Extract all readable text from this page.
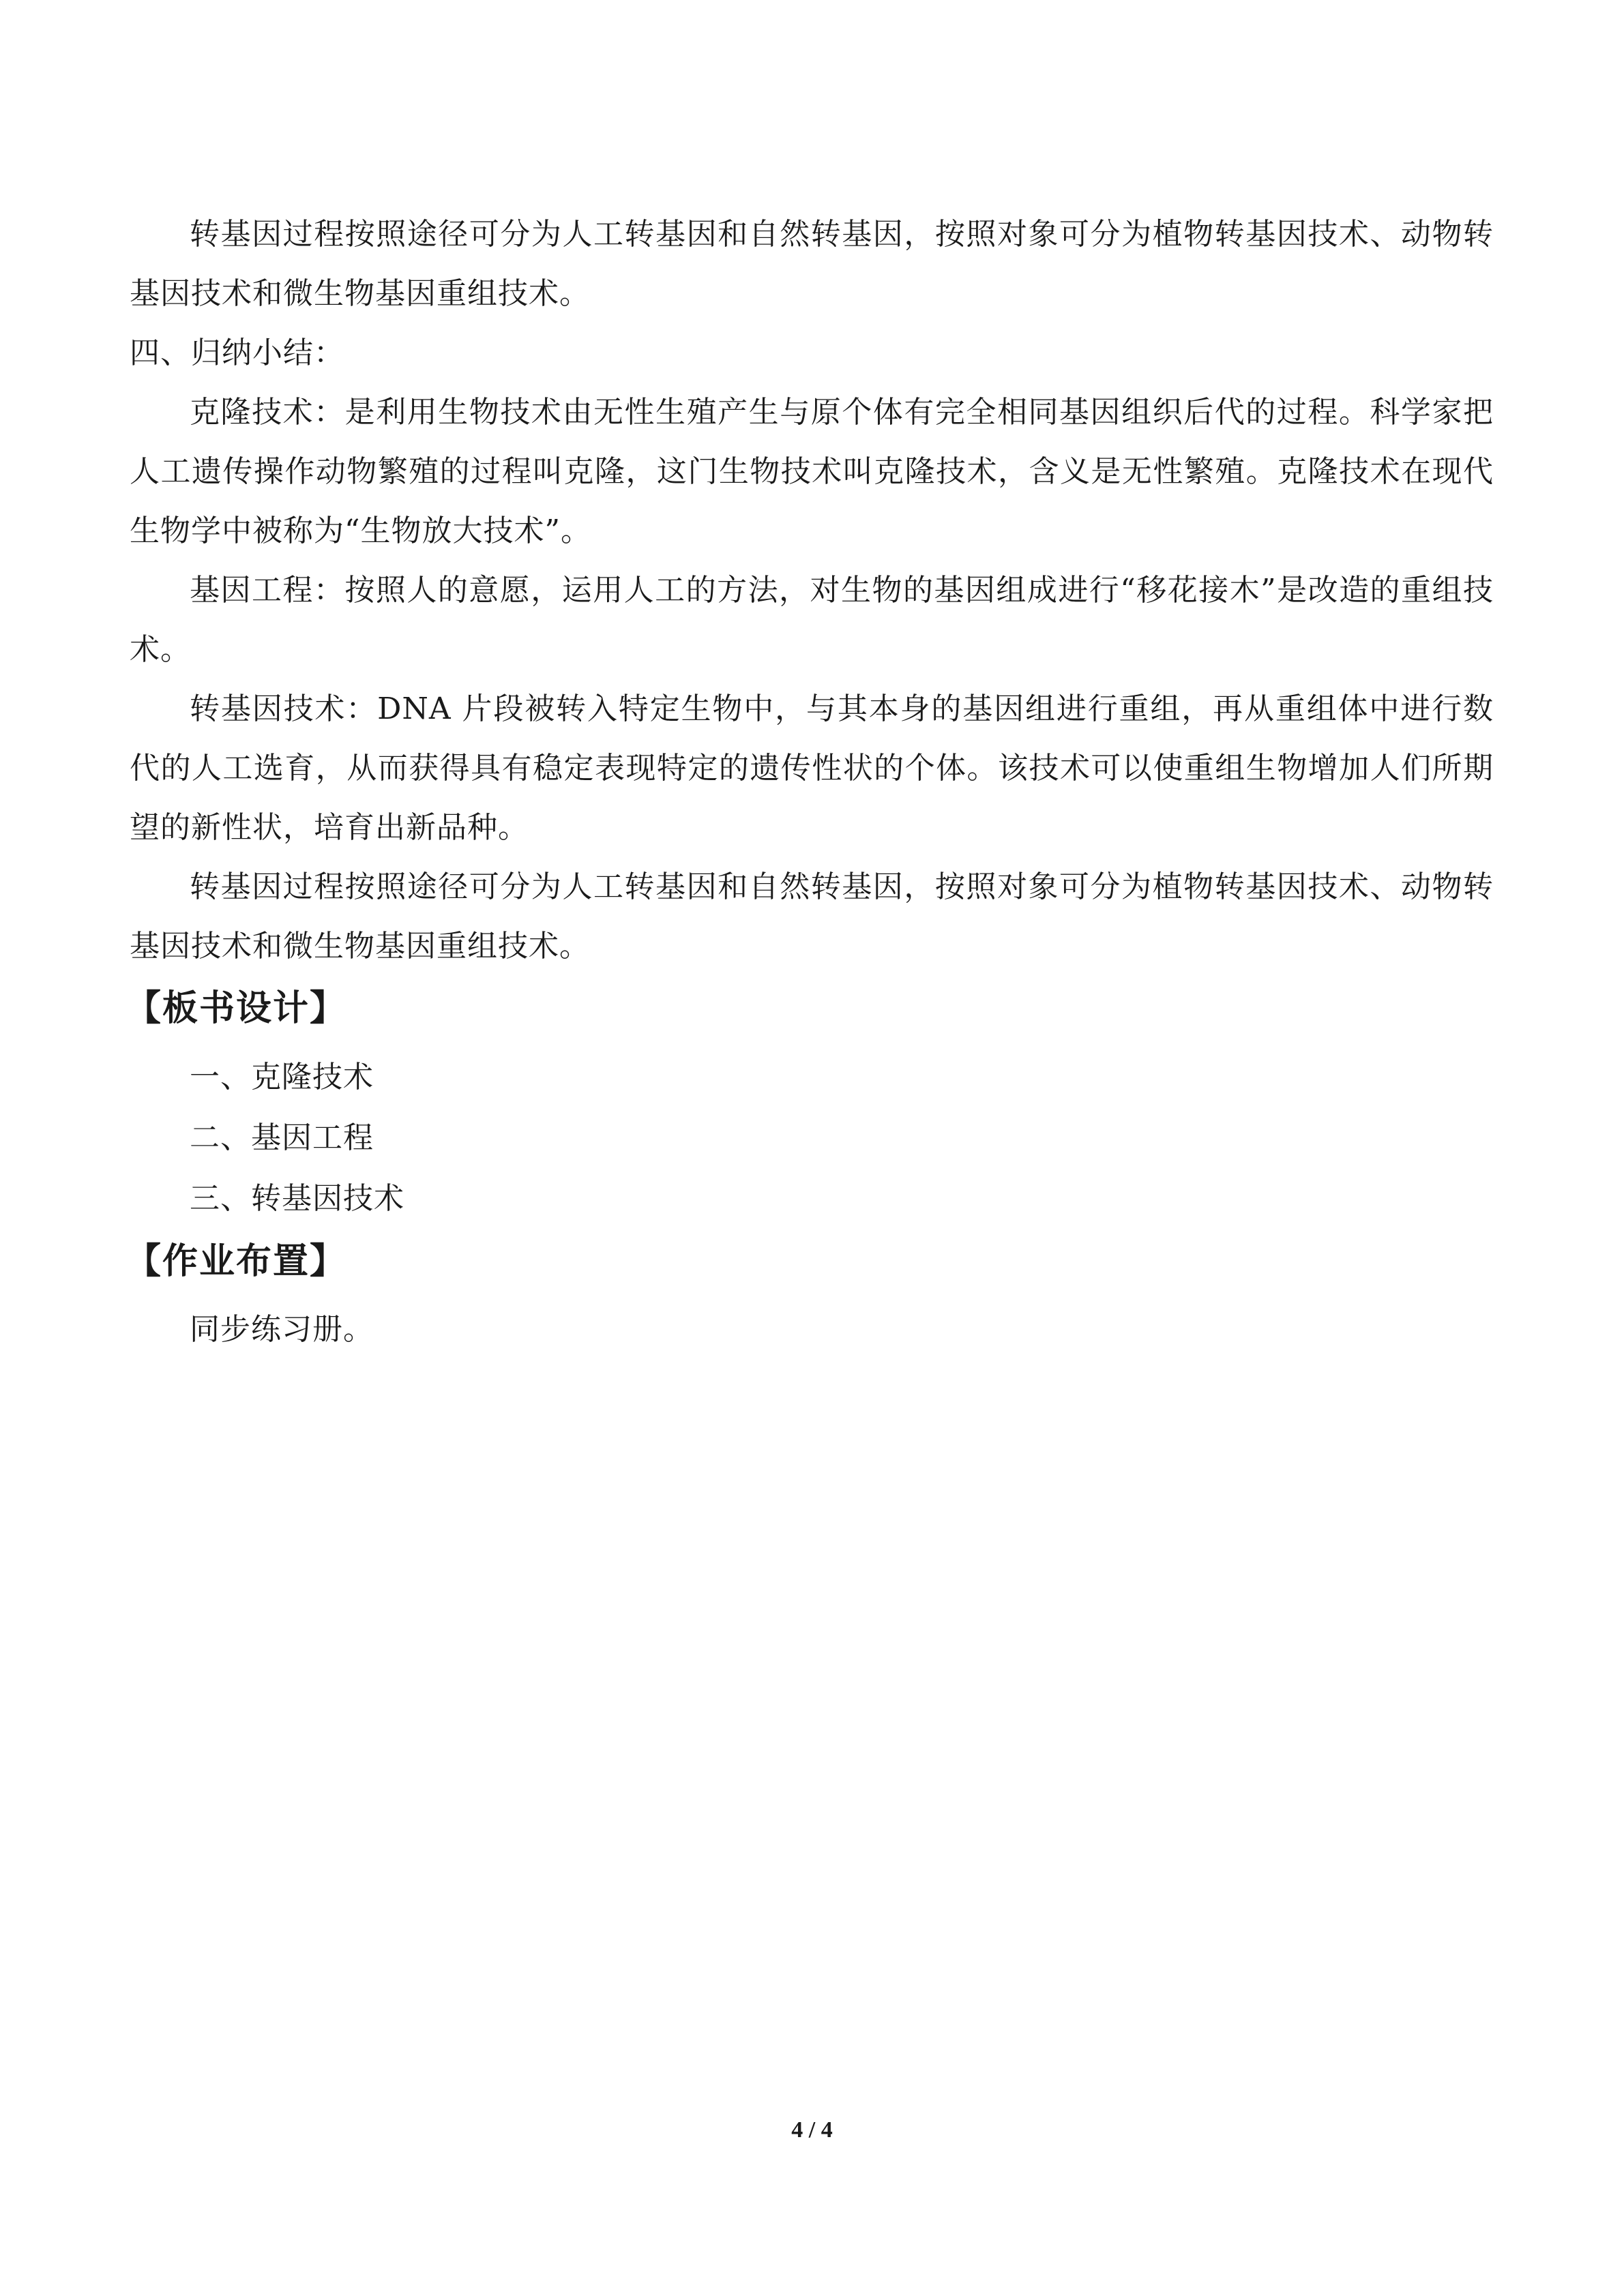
转基因过程按照途径可分为人工转基因和自然转基因，按照对象可分为植物转基因技术、动物转基因技术和微生物基因重组技术。

四、归纳小结：

克隆技术：是利用生物技术由无性生殖产生与原个体有完全相同基因组织后代的过程。科学家把人工遗传操作动物繁殖的过程叫克隆，这门生物技术叫克隆技术，含义是无性繁殖。克隆技术在现代生物学中被称为“生物放大技术”。

基因工程：按照人的意愿，运用人工的方法，对生物的基因组成进行“移花接木”是改造的重组技术。

转基因技术：DNA 片段被转入特定生物中，与其本身的基因组进行重组，再从重组体中进行数代的人工选育，从而获得具有稳定表现特定的遗传性状的个体。该技术可以使重组生物增加人们所期望的新性状，培育出新品种。

转基因过程按照途径可分为人工转基因和自然转基因，按照对象可分为植物转基因技术、动物转基因技术和微生物基因重组技术。

【板书设计】

一、克隆技术
二、基因工程
三、转基因技术

【作业布置】

同步练习册。

4 / 4
